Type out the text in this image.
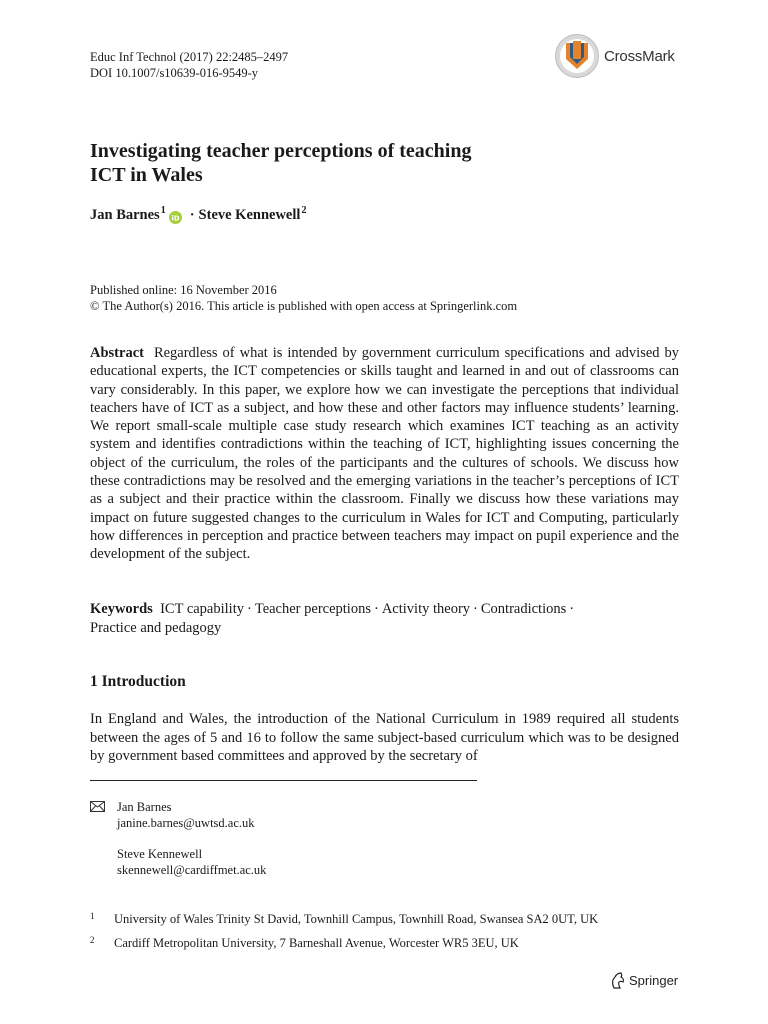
Educ Inf Technol (2017) 22:2485–2497
DOI 10.1007/s10639-016-9549-y
CrossMark
Investigating teacher perceptions of teaching
ICT in Wales
Jan Barnes$^1$
iD · Steve Kennewell$^2$
Published online: 16 November 2016
© The Author(s) 2016. This article is published with open access at Springerlink.com

Abstract Regardless of what is intended by government curriculum specifications and advised by educational experts, the ICT competencies or skills taught and learned in and out of classrooms can vary considerably. In this paper, we explore how we can investigate the perceptions that individual teachers have of ICT as a subject, and how these and other factors may influence students’ learning. We report small-scale multiple case study research which examines ICT teaching as an activity system and identifies contradictions within the teaching of ICT, highlighting issues concerning the object of the curriculum, the roles of the participants and the cultures of schools. We discuss how these contradictions may be resolved and the emerging variations in the teacher’s perceptions of ICT as a subject and their practice within the classroom. Finally we discuss how these variations may impact on future suggested changes to the curriculum in Wales for ICT and Computing, particularly how differences in perception and practice between teachers may impact on pupil experience and the development of the subject.

Keywords ICT capability · Teacher perceptions · Activity theory · Contradictions ·
Practice and pedagogy

1 Introduction

In England and Wales, the introduction of the National Curriculum in 1989 required all students between the ages of 5 and 16 to follow the same subject-based curriculum which was to be designed by government based committees and approved by the secretary of

Jan Barnes
janine.barnes@uwtsd.ac.uk
Steve Kennewell
skennewell@cardiffmet.ac.uk
1	University of Wales Trinity St David, Townhill Campus, Townhill Road, Swansea SA2 0UT, UK
2	Cardiff Metropolitan University, 7 Barneshall Avenue, Worcester WR5 3EU, UK
Springer
